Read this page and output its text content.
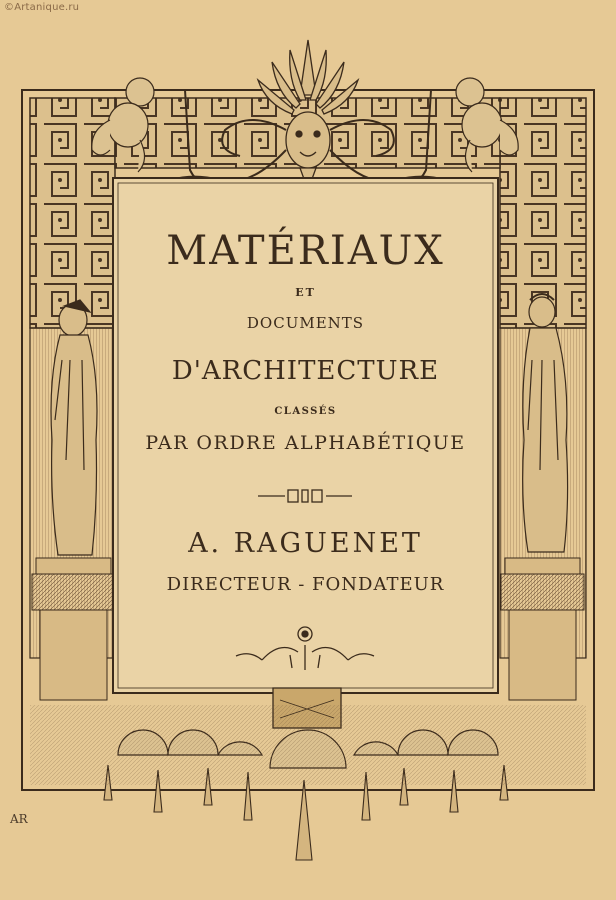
©Artanique.ru
MATÉRIAUX
ET
DOCUMENTS
D'ARCHITECTURE
CLASSÉS
PAR ORDRE ALPHABÉTIQUE
A. RAGUENET
DIRECTEUR - FONDATEUR
AR
